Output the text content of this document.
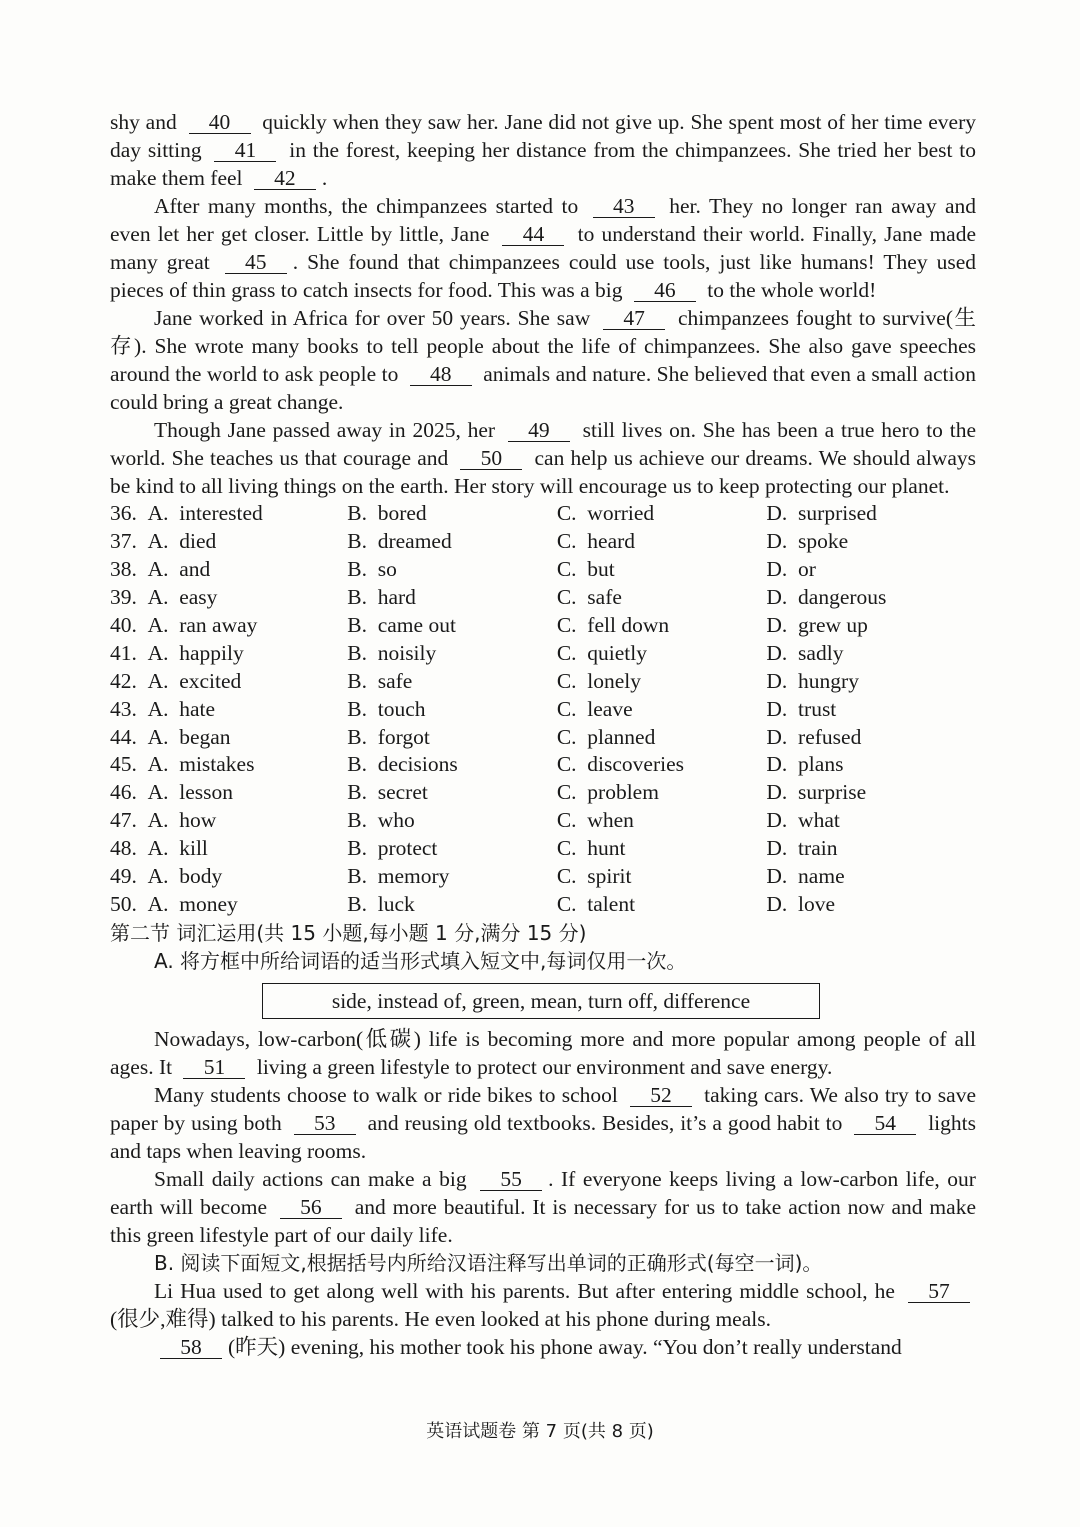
shy and 40 quickly when they saw her. Jane did not give up. She spent most of her time every day sitting 41 in the forest, keeping her distance from the chimpanzees. She tried her best to make them feel 42 .

After many months, the chimpanzees started to 43 her. They no longer ran away and even let her get closer. Little by little, Jane 44 to understand their world. Finally, Jane made many great 45 . She found that chimpanzees could use tools, just like humans! They used pieces of thin grass to catch insects for food. This was a big 46 to the whole world!

Jane worked in Africa for over 50 years. She saw 47 chimpanzees fought to survive(生存). She wrote many books to tell people about the life of chimpanzees. She also gave speeches around the world to ask people to 48 animals and nature. She believed that even a small action could bring a great change.

Though Jane passed away in 2025, her 49 still lives on. She has been a true hero to the world. She teaches us that courage and 50 can help us achieve our dreams. We should always be kind to all living things on the earth. Her story will encourage us to keep protecting our planet.

36. A.  interested	B.  bored	C.  worried	D.  surprised
37. A.  died	B.  dreamed	C.  heard	D.  spoke
38. A.  and	B.  so	C.  but	D.  or
39. A.  easy	B.  hard	C.  safe	D.  dangerous
40. A.  ran away	B.  came out	C.  fell down	D.  grew up
41. A.  happily	B.  noisily	C.  quietly	D.  sadly
42. A.  excited	B.  safe	C.  lonely	D.  hungry
43. A.  hate	B.  touch	C.  leave	D.  trust
44. A.  began	B.  forgot	C.  planned	D.  refused
45. A.  mistakes	B.  decisions	C.  discoveries	D.  plans
46. A.  lesson	B.  secret	C.  problem	D.  surprise
47. A.  how	B.  who	C.  when	D.  what
48. A.  kill	B.  protect	C.  hunt	D.  train
49. A.  body	B.  memory	C.  spirit	D.  name
50. A.  money	B.  luck	C.  talent	D.  love

第二节 词汇运用(共 15 小题,每小题 1 分,满分 15 分)

A. 将方框中所给词语的适当形式填入短文中,每词仅用一次。

side, instead of, green, mean, turn off, difference

Nowadays, low-carbon(低碳) life is becoming more and more popular among people of all ages. It 51 living a green lifestyle to protect our environment and save energy.

Many students choose to walk or ride bikes to school 52 taking cars. We also try to save paper by using both 53 and reusing old textbooks. Besides, it’s a good habit to 54 lights and taps when leaving rooms.

Small daily actions can make a big 55 . If everyone keeps living a low-carbon life, our earth will become 56 and more beautiful. It is necessary for us to take action now and make this green lifestyle part of our daily life.

B. 阅读下面短文,根据括号内所给汉语注释写出单词的正确形式(每空一词)。

Li Hua used to get along well with his parents. But after entering middle school, he 57(很少,难得) talked to his parents. He even looked at his phone during meals.

58 (昨天) evening, his mother took his phone away. “You don’t really understand

英语试题卷 第 7 页(共 8 页)
